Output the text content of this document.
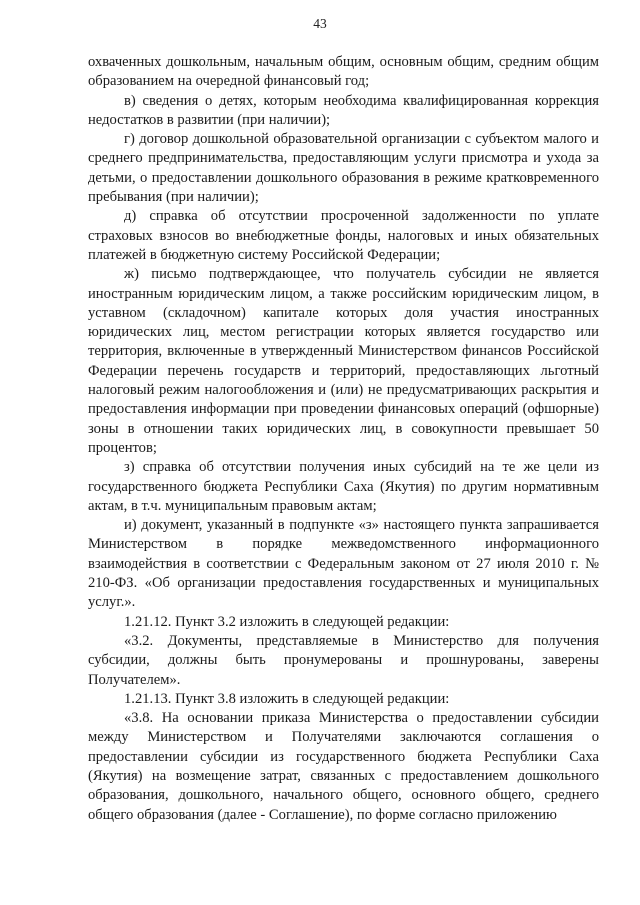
43

охваченных дошкольным, начальным общим, основным общим, средним общим образованием на очередной финансовый год;

в) сведения о детях, которым необходима квалифицированная коррекция недостатков в развитии (при наличии);

г) договор дошкольной образовательной организации с субъектом малого и среднего предпринимательства, предоставляющим услуги присмотра и ухода за детьми, о предоставлении дошкольного образования в режиме кратковременного пребывания (при наличии);

д) справка об отсутствии просроченной задолженности по уплате страховых взносов во внебюджетные фонды, налоговых и иных обязательных платежей в бюджетную систему Российской Федерации;

ж) письмо подтверждающее, что получатель субсидии не является иностранным юридическим лицом, а также российским юридическим лицом, в уставном (складочном) капитале которых доля участия иностранных юридических лиц, местом регистрации которых является государство или территория, включенные в утвержденный Министерством финансов Российской Федерации перечень государств и территорий, предоставляющих льготный налоговый режим налогообложения и (или) не предусматривающих раскрытия и предоставления информации при проведении финансовых операций (офшорные) зоны в отношении таких юридических лиц, в совокупности превышает 50 процентов;

з) справка об отсутствии получения иных субсидий на те же цели из государственного бюджета Республики Саха (Якутия) по другим нормативным актам, в т.ч. муниципальным правовым актам;

и) документ, указанный в подпункте «з» настоящего пункта запрашивается Министерством в порядке межведомственного информационного взаимодействия в соответствии с Федеральным законом от 27 июля 2010 г. № 210-ФЗ. «Об организации предоставления государственных и муниципальных услуг.».

1.21.12. Пункт 3.2 изложить в следующей редакции:

«3.2. Документы, представляемые в Министерство для получения субсидии, должны быть пронумерованы и прошнурованы, заверены Получателем».

1.21.13. Пункт 3.8 изложить в следующей редакции:

«3.8. На основании приказа Министерства о предоставлении субсидии между Министерством и Получателями заключаются соглашения о предоставлении субсидии из государственного бюджета Республики Саха (Якутия) на возмещение затрат, связанных с предоставлением дошкольного образования, дошкольного, начального общего, основного общего, среднего общего образования (далее - Соглашение), по форме согласно приложению
